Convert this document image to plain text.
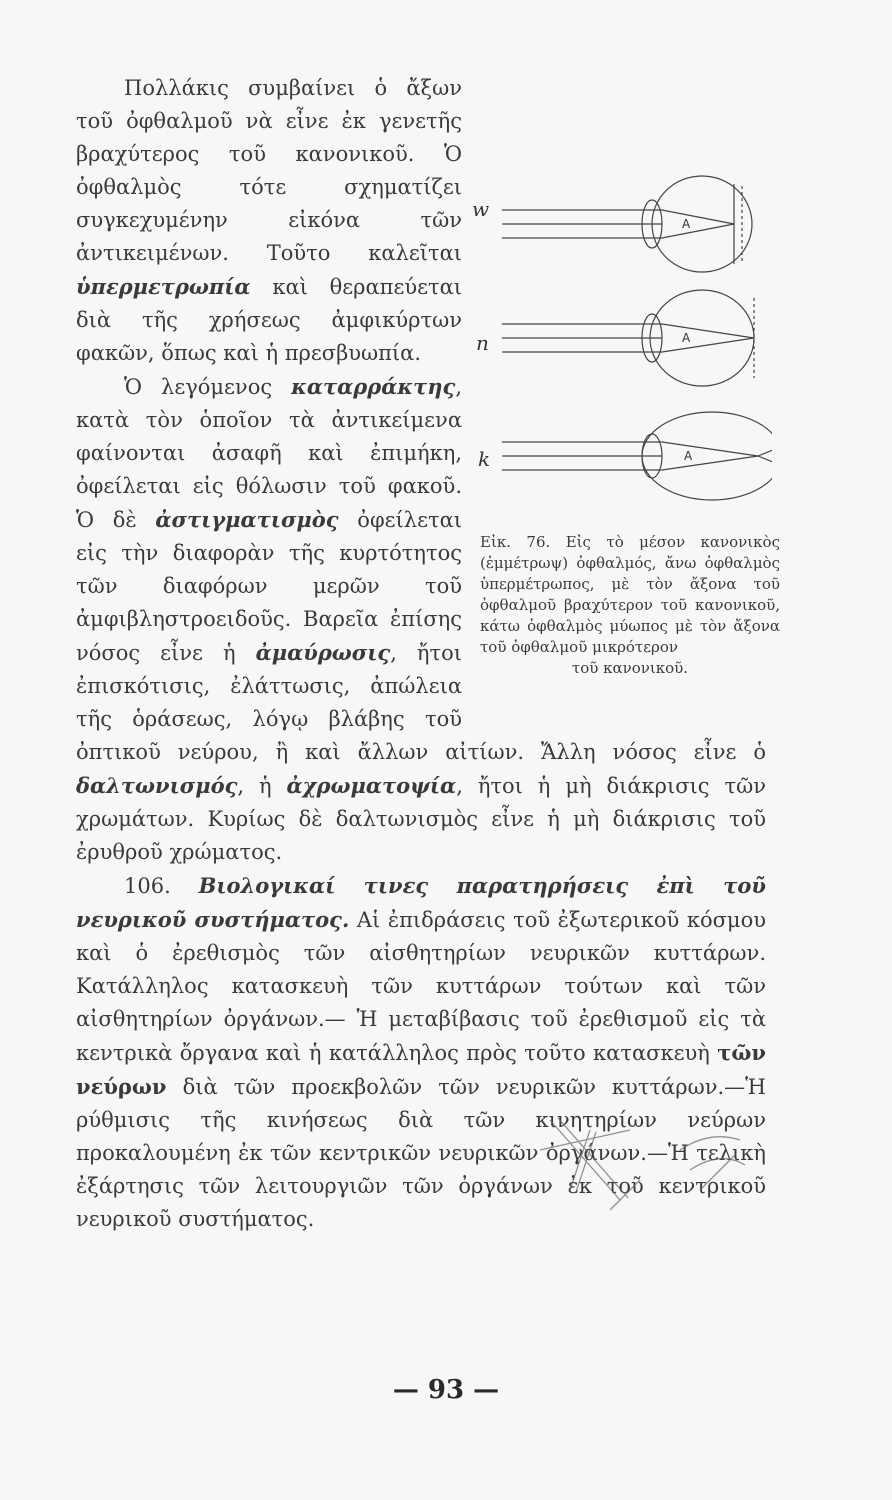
w
n
k
A
A
A
Εἰκ. 76. Εἰς τὸ μέσον κανονικὸς (ἐμμέτρωψ) ὀφθαλμός, ἄνω ὀφθαλμὸς ὑπερμέτρωπος, μὲ τὸν ἄξονα τοῦ ὀφθαλμοῦ βραχύτερον τοῦ κανονικοῦ, κάτω ὀφθαλμὸς μύωπος μὲ τὸν ἄξονα τοῦ ὀφθαλμοῦ μικρότερον
τοῦ κανονικοῦ.

Πολλάκις συμβαίνει ὁ ἄξων τοῦ ὀφθαλμοῦ νὰ εἶνε ἐκ γενετῆς βραχύτερος τοῦ κανονικοῦ. Ὁ ὀφθαλμὸς τότε σχηματίζει συγκεχυμένην εἰκόνα τῶν ἀντικειμένων. Τοῦτο καλεῖται ὑπερμετρωπία καὶ θεραπεύεται διὰ τῆς χρήσεως ἀμφικύρτων φακῶν, ὅπως καὶ ἡ πρεσβυωπία.

Ὁ λεγόμενος καταρράκτης, κατὰ τὸν ὁποῖον τὰ ἀντικείμενα φαίνονται ἀσαφῆ καὶ ἐπιμήκη, ὀφείλεται εἰς θόλωσιν τοῦ φακοῦ. Ὁ δὲ ἀστιγματισμὸς ὀφείλεται εἰς τὴν διαφορὰν τῆς κυρτότητος τῶν διαφόρων μερῶν τοῦ ἀμφιβληστροειδοῦς. Βαρεῖα ἐπίσης νόσος εἶνε ἡ ἀμαύρωσις, ἤτοι ἐπισκότισις, ἐλάττωσις, ἀπώλεια τῆς ὁράσεως, λόγῳ βλάβης τοῦ ὀπτικοῦ νεύρου, ἢ καὶ ἄλλων αἰτίων. Ἄλλη νόσος εἶνε ὁ δαλτωνισμός, ἡ ἀχρωματοψία, ἤτοι ἡ μὴ διάκρισις τῶν χρωμάτων. Κυρίως δὲ δαλτωνισμὸς εἶνε ἡ μὴ διάκρισις τοῦ ἐρυθροῦ χρώματος.

106. Βιολογικαί τινες παρατηρήσεις ἐπὶ τοῦ νευρικοῦ συστήματος. Αἱ ἐπιδράσεις τοῦ ἐξωτερικοῦ κόσμου καὶ ὁ ἐρεθισμὸς τῶν αἰσθητηρίων νευρικῶν κυττάρων. Κατάλληλος κατασκευὴ τῶν κυττάρων τούτων καὶ τῶν αἰσθητηρίων ὀργάνων.— Ἡ μεταβίβασις τοῦ ἐρεθισμοῦ εἰς τὰ κεντρικὰ ὄργανα καὶ ἡ κατάλληλος πρὸς τοῦτο κατασκευὴ τῶν νεύρων διὰ τῶν προεκβολῶν τῶν νευρικῶν κυττάρων.—Ἡ ρύθμισις τῆς κινήσεως διὰ τῶν κινητηρίων νεύρων προκαλουμένη ἐκ τῶν κεντρικῶν νευρικῶν ὀργάνων.—Ἡ τελικὴ ἐξάρτησις τῶν λειτουργιῶν τῶν ὀργάνων ἐκ τοῦ κεντρικοῦ νευρικοῦ συστήματος.

— 93 —
